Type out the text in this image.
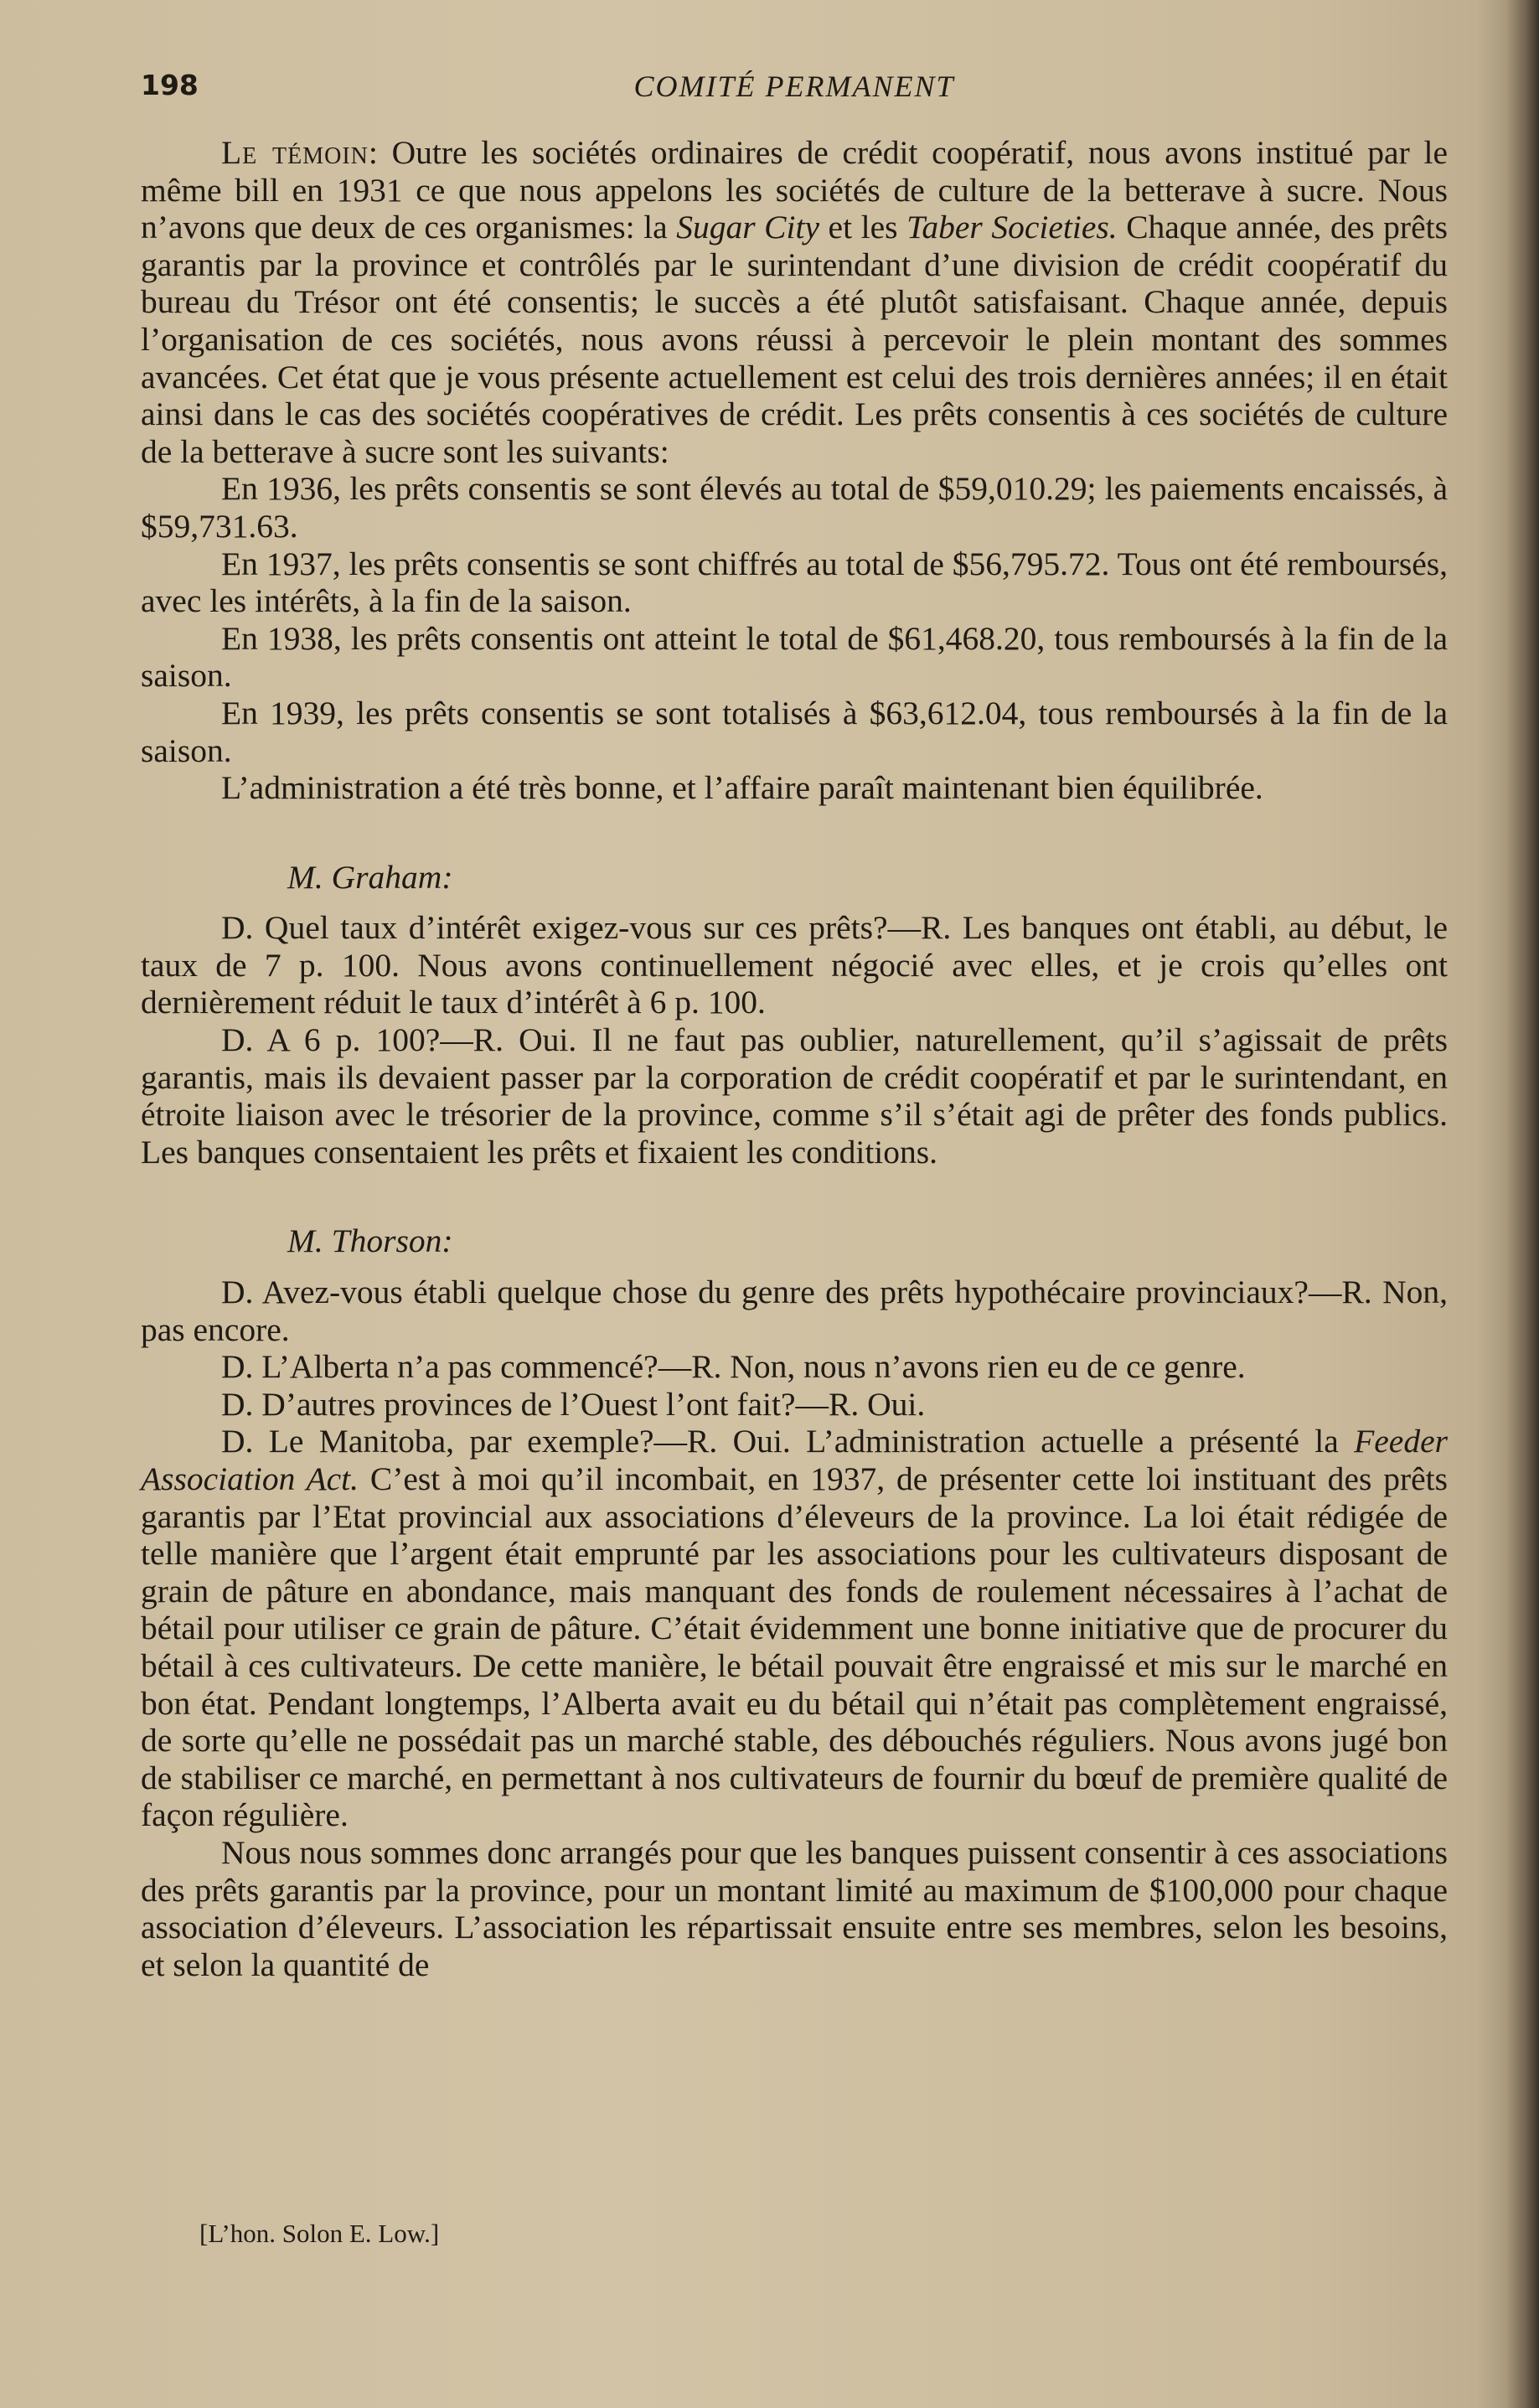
198	COMITÉ PERMANENT

Le témoin: Outre les sociétés ordinaires de crédit coopératif, nous avons institué par le même bill en 1931 ce que nous appelons les sociétés de culture de la betterave à sucre. Nous n’avons que deux de ces organismes: la Sugar City et les Taber Societies. Chaque année, des prêts garantis par la province et contrôlés par le surintendant d’une division de crédit coopératif du bureau du Trésor ont été consentis; le succès a été plutôt satisfaisant. Chaque année, depuis l’organisation de ces sociétés, nous avons réussi à percevoir le plein montant des sommes avancées. Cet état que je vous présente actuellement est celui des trois dernières années; il en était ainsi dans le cas des sociétés coopératives de crédit. Les prêts consentis à ces sociétés de culture de la betterave à sucre sont les suivants:

En 1936, les prêts consentis se sont élevés au total de $59,010.29; les paiements encaissés, à $59,731.63.

En 1937, les prêts consentis se sont chiffrés au total de $56,795.72. Tous ont été remboursés, avec les intérêts, à la fin de la saison.

En 1938, les prêts consentis ont atteint le total de $61,468.20, tous remboursés à la fin de la saison.

En 1939, les prêts consentis se sont totalisés à $63,612.04, tous remboursés à la fin de la saison.

L’administration a été très bonne, et l’affaire paraît maintenant bien équilibrée.

M. Graham:

D. Quel taux d’intérêt exigez-vous sur ces prêts?—R. Les banques ont établi, au début, le taux de 7 p. 100. Nous avons continuellement négocié avec elles, et je crois qu’elles ont dernièrement réduit le taux d’intérêt à 6 p. 100.

D. A 6 p. 100?—R. Oui. Il ne faut pas oublier, naturellement, qu’il s’agissait de prêts garantis, mais ils devaient passer par la corporation de crédit coopératif et par le surintendant, en étroite liaison avec le trésorier de la province, comme s’il s’était agi de prêter des fonds publics. Les banques consentaient les prêts et fixaient les conditions.

M. Thorson:

D. Avez-vous établi quelque chose du genre des prêts hypothécaire provinciaux?—R. Non, pas encore.

D. L’Alberta n’a pas commencé?—R. Non, nous n’avons rien eu de ce genre.

D. D’autres provinces de l’Ouest l’ont fait?—R. Oui.

D. Le Manitoba, par exemple?—R. Oui. L’administration actuelle a présenté la Feeder Association Act. C’est à moi qu’il incombait, en 1937, de présenter cette loi instituant des prêts garantis par l’Etat provincial aux associations d’éleveurs de la province. La loi était rédigée de telle manière que l’argent était emprunté par les associations pour les cultivateurs disposant de grain de pâture en abondance, mais manquant des fonds de roulement nécessaires à l’achat de bétail pour utiliser ce grain de pâture. C’était évidemment une bonne initiative que de procurer du bétail à ces cultivateurs. De cette manière, le bétail pouvait être engraissé et mis sur le marché en bon état. Pendant longtemps, l’Alberta avait eu du bétail qui n’était pas complètement engraissé, de sorte qu’elle ne possédait pas un marché stable, des débouchés réguliers. Nous avons jugé bon de stabiliser ce marché, en permettant à nos cultivateurs de fournir du bœuf de première qualité de façon régulière.

Nous nous sommes donc arrangés pour que les banques puissent consentir à ces associations des prêts garantis par la province, pour un montant limité au maximum de $100,000 pour chaque association d’éleveurs. L’association les répartissait ensuite entre ses membres, selon les besoins, et selon la quantité de

[L’hon. Solon E. Low.]
